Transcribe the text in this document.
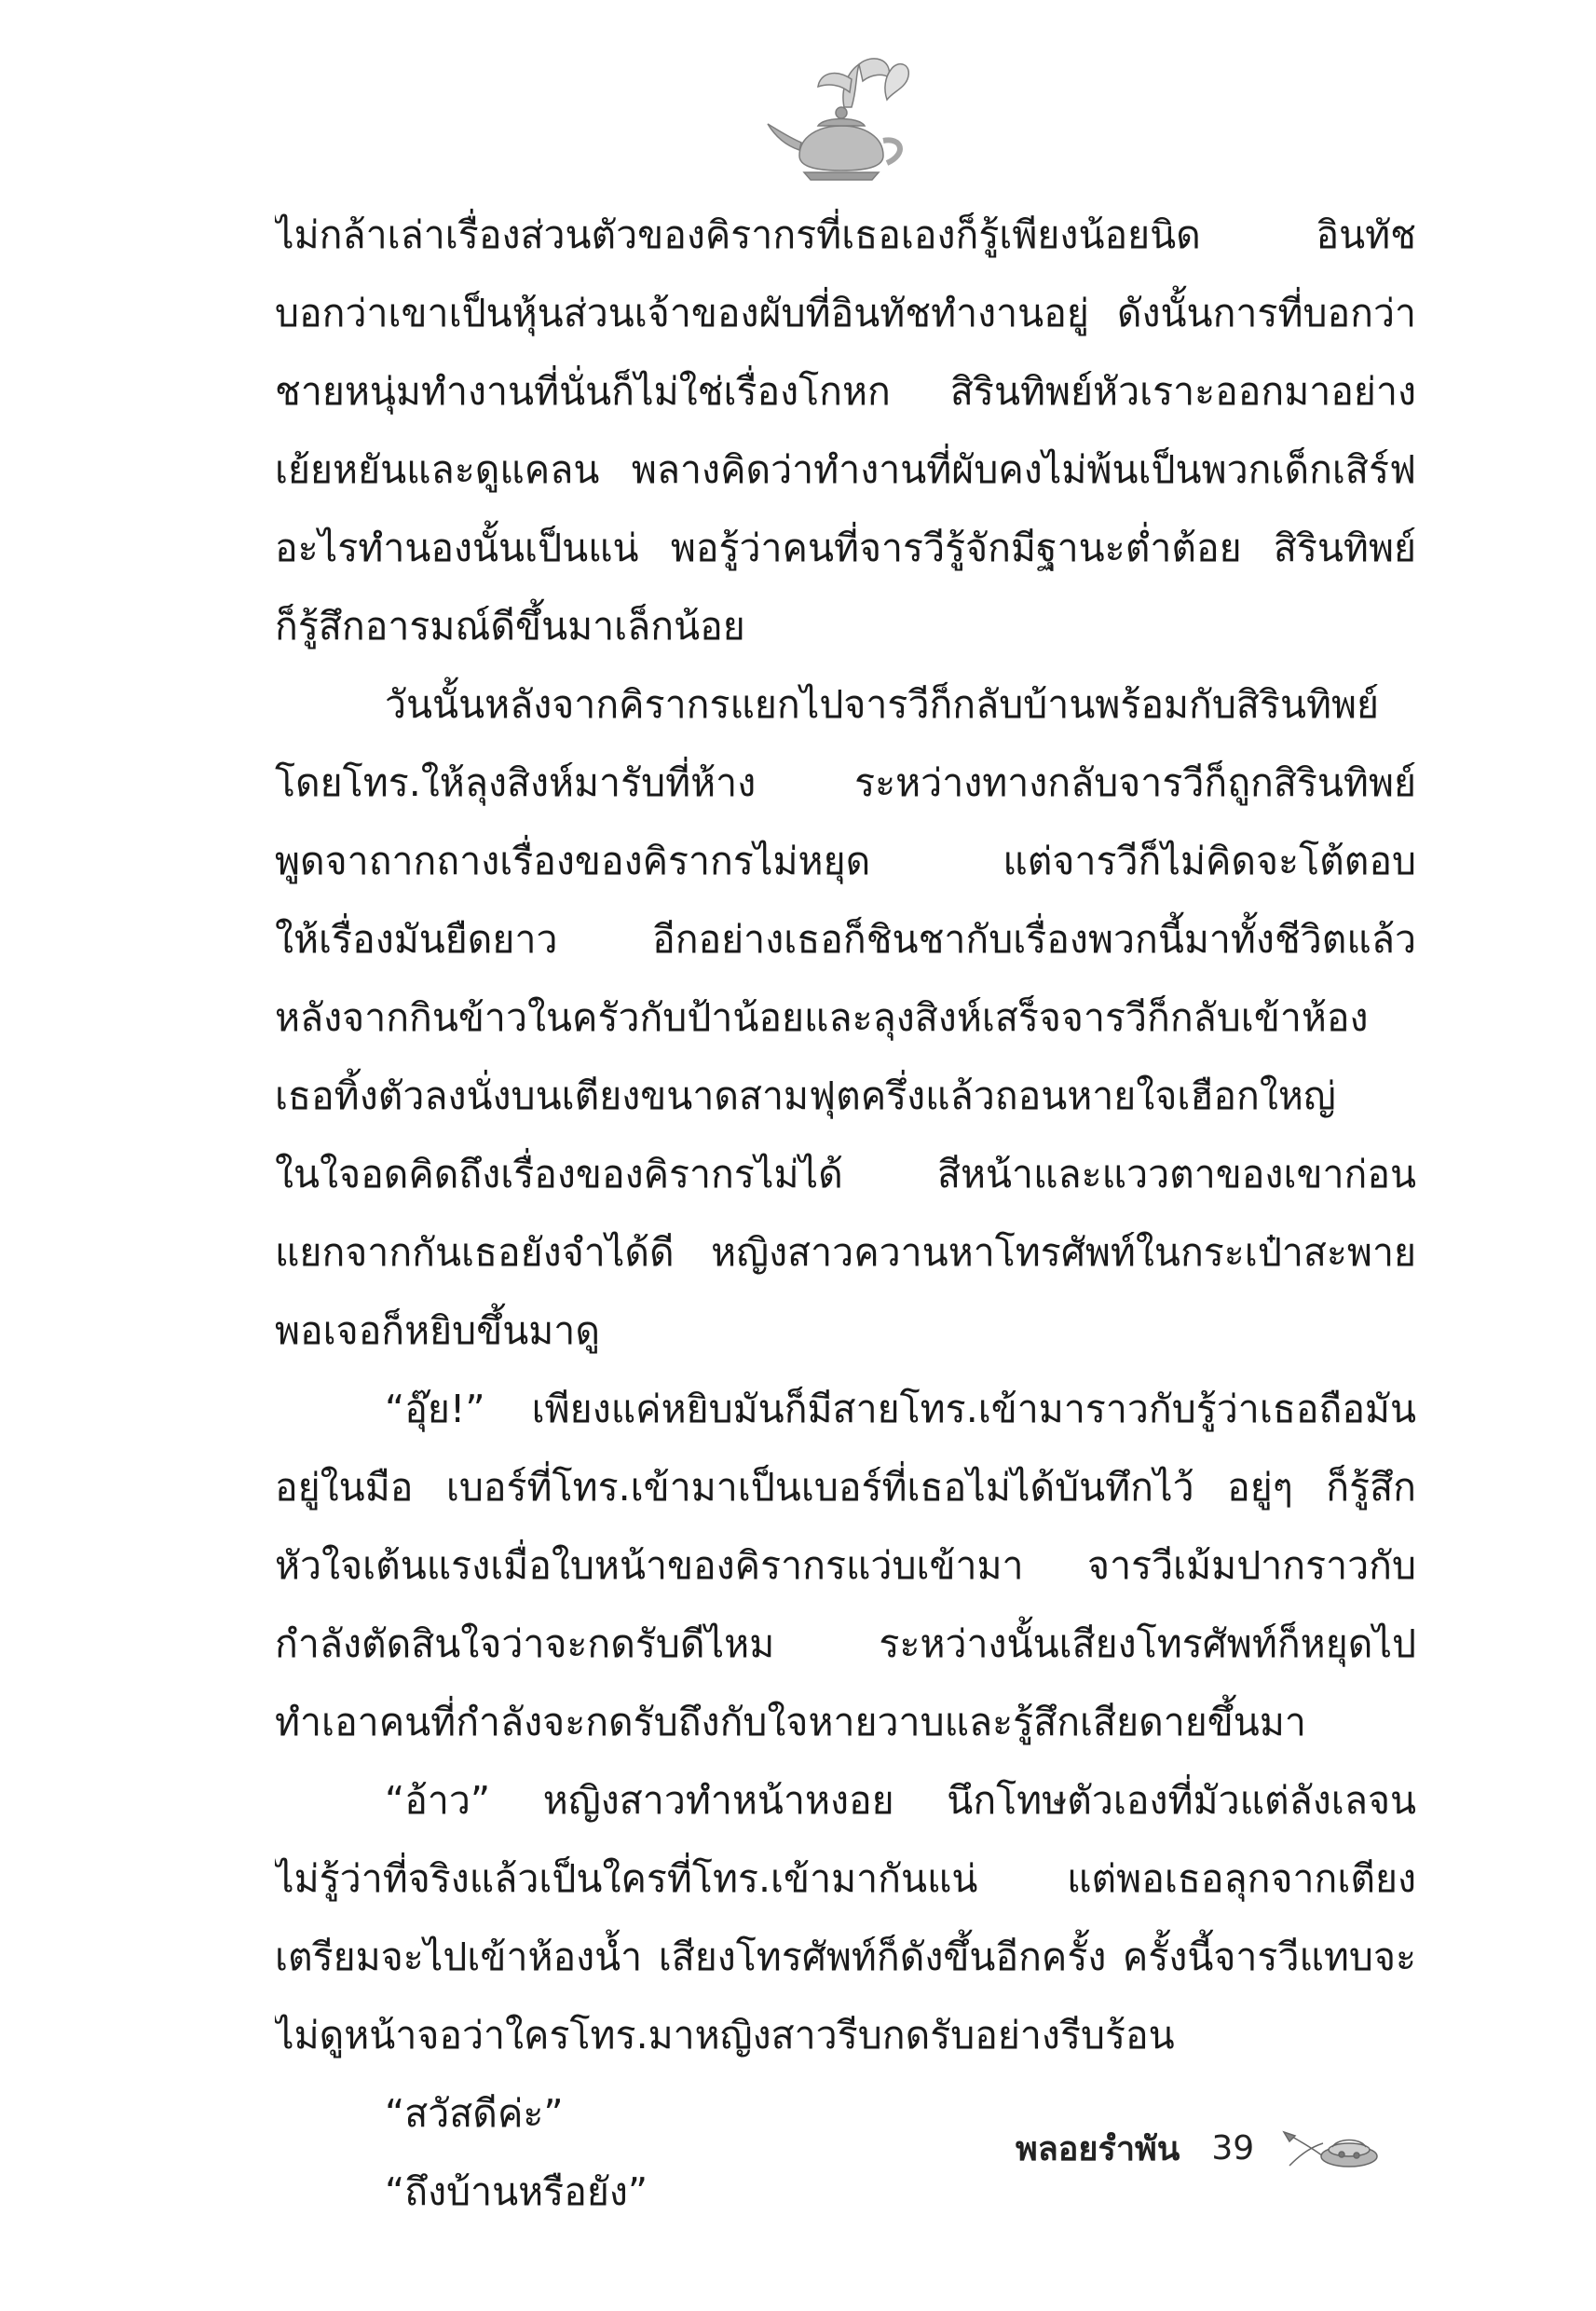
ไม่กล้าเล่าเรื่องส่วนตัวของคิรากรที่เธอเองก็รู้เพียงน้อยนิด อินทัช
บอกว่าเขาเป็นหุ้นส่วนเจ้าของผับที่อินทัชทำงานอยู่ ดังนั้นการที่บอกว่า
ชายหนุ่มทำงานที่นั่นก็ไม่ใช่เรื่องโกหก สิรินทิพย์หัวเราะออกมาอย่าง
เย้ยหยันและดูแคลน พลางคิดว่าทำงานที่ผับคงไม่พ้นเป็นพวกเด็กเสิร์ฟ
อะไรทำนองนั้นเป็นแน่ พอรู้ว่าคนที่จารวีรู้จักมีฐานะต่ำต้อย สิรินทิพย์
ก็รู้สึกอารมณ์ดีขึ้นมาเล็กน้อย
วันนั้นหลังจากคิรากรแยกไปจารวีก็กลับบ้านพร้อมกับสิรินทิพย์
โดยโทร.ให้ลุงสิงห์มารับที่ห้าง ระหว่างทางกลับจารวีก็ถูกสิรินทิพย์
พูดจาถากถางเรื่องของคิรากรไม่หยุด แต่จารวีก็ไม่คิดจะโต้ตอบ
ให้เรื่องมันยืดยาว อีกอย่างเธอก็ชินชากับเรื่องพวกนี้มาทั้งชีวิตแล้ว
หลังจากกินข้าวในครัวกับป้าน้อยและลุงสิงห์เสร็จจารวีก็กลับเข้าห้อง
เธอทิ้งตัวลงนั่งบนเตียงขนาดสามฟุตครึ่งแล้วถอนหายใจเฮือกใหญ่
ในใจอดคิดถึงเรื่องของคิรากรไม่ได้ สีหน้าและแววตาของเขาก่อน
แยกจากกันเธอยังจำได้ดี หญิงสาวควานหาโทรศัพท์ในกระเป๋าสะพาย
พอเจอก็หยิบขึ้นมาดู
“อุ๊ย!” เพียงแค่หยิบมันก็มีสายโทร.เข้ามาราวกับรู้ว่าเธอถือมัน
อยู่ในมือ เบอร์ที่โทร.เข้ามาเป็นเบอร์ที่เธอไม่ได้บันทึกไว้ อยู่ๆ ก็รู้สึก
หัวใจเต้นแรงเมื่อใบหน้าของคิรากรแว่บเข้ามา จารวีเม้มปากราวกับ
กำลังตัดสินใจว่าจะกดรับดีไหม ระหว่างนั้นเสียงโทรศัพท์ก็หยุดไป
ทำเอาคนที่กำลังจะกดรับถึงกับใจหายวาบและรู้สึกเสียดายขึ้นมา
“อ้าว” หญิงสาวทำหน้าหงอย นึกโทษตัวเองที่มัวแต่ลังเลจน
ไม่รู้ว่าที่จริงแล้วเป็นใครที่โทร.เข้ามากันแน่ แต่พอเธอลุกจากเตียง
เตรียมจะไปเข้าห้องน้ำ เสียงโทรศัพท์ก็ดังขึ้นอีกครั้ง ครั้งนี้จารวีแทบจะ
ไม่ดูหน้าจอว่าใครโทร.มาหญิงสาวรีบกดรับอย่างรีบร้อน
“สวัสดีค่ะ”
“ถึงบ้านหรือยัง”
พลอยรำพัน 39
